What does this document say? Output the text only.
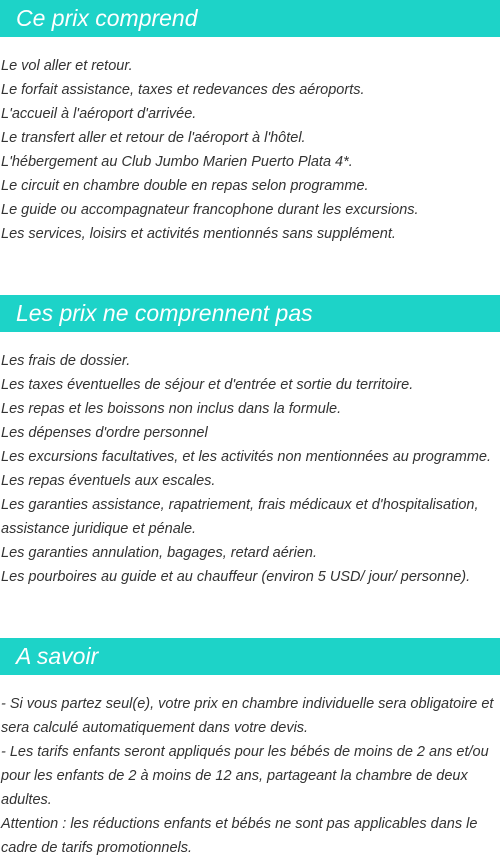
Ce prix comprend
Le vol aller et retour.
Le forfait assistance, taxes et redevances des aéroports.
L'accueil à l'aéroport d'arrivée.
Le transfert aller et retour de l'aéroport à l'hôtel.
L'hébergement au Club Jumbo Marien Puerto Plata 4*.
Le circuit en chambre double en repas selon programme.
Le guide ou accompagnateur francophone durant les excursions.
Les services, loisirs et activités mentionnés sans supplément.
Les prix ne comprennent pas
Les frais de dossier.
Les taxes éventuelles de séjour et d'entrée et sortie du territoire.
Les repas et les boissons non inclus dans la formule.
Les dépenses d'ordre personnel
Les excursions facultatives, et les activités non mentionnées au programme.
Les repas éventuels aux escales.

Les garanties assistance, rapatriement, frais médicaux et d'hospitalisation, assistance juridique et pénale.

Les garanties annulation, bagages, retard aérien.
Les pourboires au guide et au chauffeur (environ 5 USD/ jour/ personne).
A savoir

- Si vous partez seul(e), votre prix en chambre individuelle sera obligatoire et sera calculé automatiquement dans votre devis.

- Les tarifs enfants seront appliqués pour les bébés de moins de 2 ans et/ou pour les enfants de 2 à moins de 12 ans, partageant la chambre de deux adultes.

Attention : les réductions enfants et bébés ne sont pas applicables dans le cadre de tarifs promotionnels.
